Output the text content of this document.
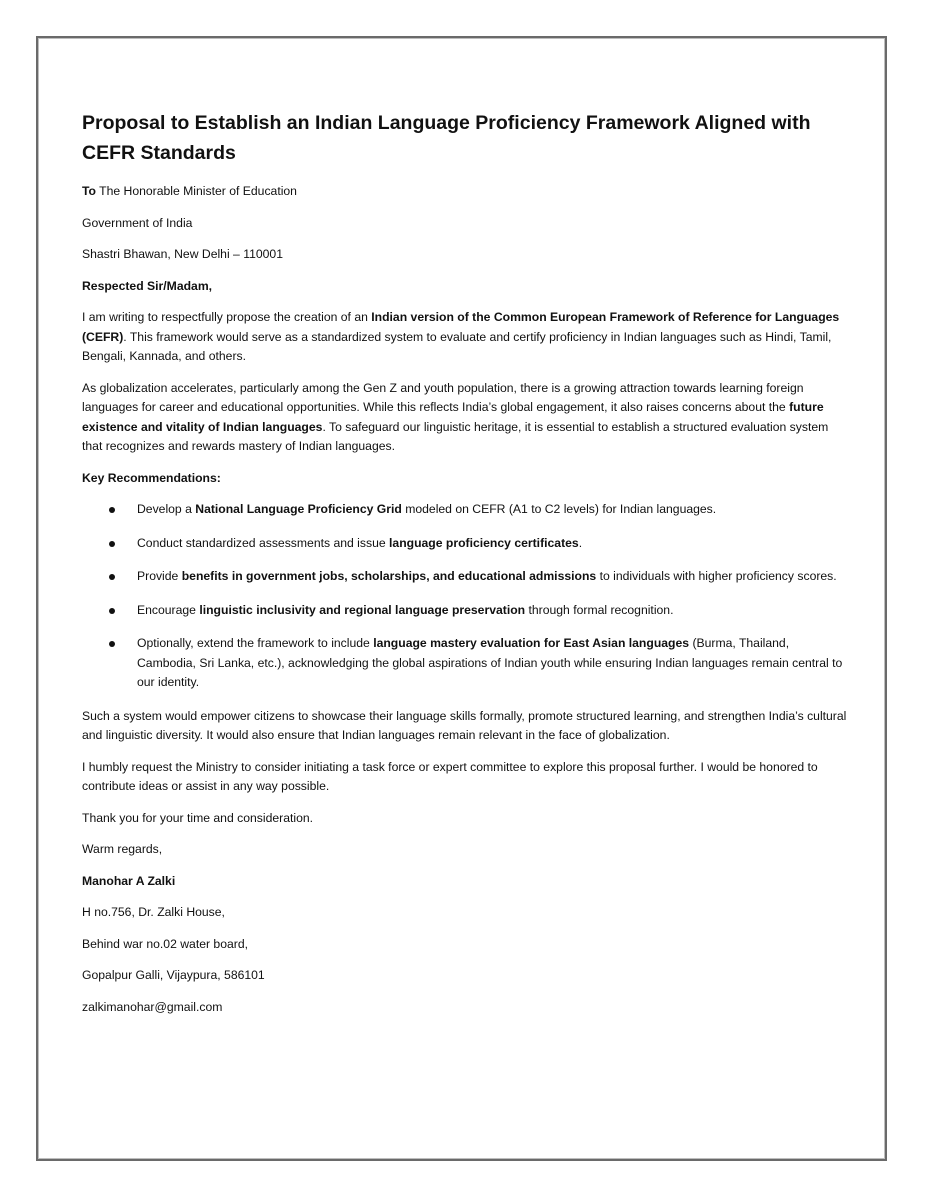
Proposal to Establish an Indian Language Proficiency Framework Aligned with CEFR Standards
To The Honorable Minister of Education
Government of India
Shastri Bhawan, New Delhi – 110001
Respected Sir/Madam,
I am writing to respectfully propose the creation of an Indian version of the Common European Framework of Reference for Languages (CEFR). This framework would serve as a standardized system to evaluate and certify proficiency in Indian languages such as Hindi, Tamil, Bengali, Kannada, and others.
As globalization accelerates, particularly among the Gen Z and youth population, there is a growing attraction towards learning foreign languages for career and educational opportunities. While this reflects India’s global engagement, it also raises concerns about the future existence and vitality of Indian languages. To safeguard our linguistic heritage, it is essential to establish a structured evaluation system that recognizes and rewards mastery of Indian languages.
Key Recommendations:
Develop a National Language Proficiency Grid modeled on CEFR (A1 to C2 levels) for Indian languages.
Conduct standardized assessments and issue language proficiency certificates.
Provide benefits in government jobs, scholarships, and educational admissions to individuals with higher proficiency scores.
Encourage linguistic inclusivity and regional language preservation through formal recognition.
Optionally, extend the framework to include language mastery evaluation for East Asian languages (Burma, Thailand, Cambodia, Sri Lanka, etc.), acknowledging the global aspirations of Indian youth while ensuring Indian languages remain central to our identity.
Such a system would empower citizens to showcase their language skills formally, promote structured learning, and strengthen India’s cultural and linguistic diversity. It would also ensure that Indian languages remain relevant in the face of globalization.
I humbly request the Ministry to consider initiating a task force or expert committee to explore this proposal further. I would be honored to contribute ideas or assist in any way possible.
Thank you for your time and consideration.
Warm regards,
Manohar A Zalki
H no.756, Dr. Zalki House,
Behind war no.02 water board,
Gopalpur Galli, Vijaypura, 586101
zalkimanohar@gmail.com
